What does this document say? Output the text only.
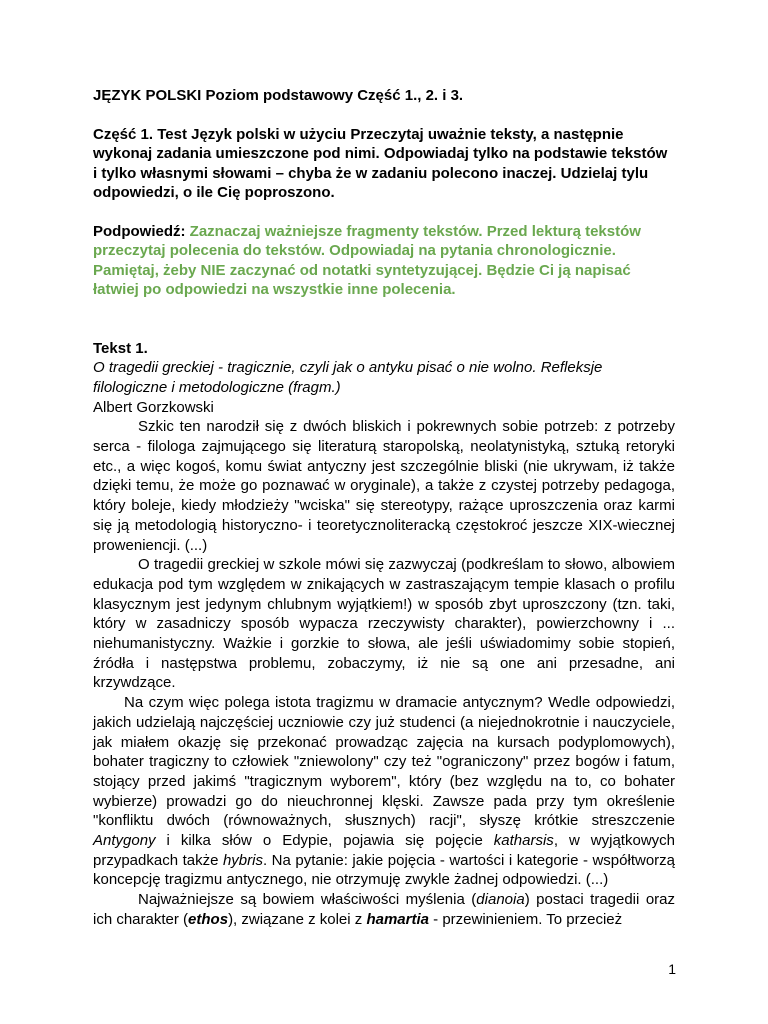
JĘZYK POLSKI Poziom podstawowy Część 1., 2. i 3.

Część 1. Test Język polski w użyciu Przeczytaj uważnie teksty, a następnie wykonaj zadania umieszczone pod nimi. Odpowiadaj tylko na podstawie tekstów i tylko własnymi słowami – chyba że w zadaniu polecono inaczej. Udzielaj tylu odpowiedzi, o ile Cię poproszono.

Podpowiedź: Zaznaczaj ważniejsze fragmenty tekstów. Przed lekturą tekstów przeczytaj polecenia do tekstów. Odpowiadaj na pytania chronologicznie. Pamiętaj, żeby NIE zaczynać od notatki syntetyzującej. Będzie Ci ją napisać łatwiej po odpowiedzi na wszystkie inne polecenia.

Tekst 1.

O tragedii greckiej - tragicznie, czyli jak o antyku pisać o nie wolno. Refleksje filologiczne i metodologiczne (fragm.)

Albert Gorzkowski

Szkic ten narodził się z dwóch bliskich i pokrewnych sobie potrzeb: z potrzeby serca - filologa zajmującego się literaturą staropolską, neolatynistyką, sztuką retoryki etc., a więc kogoś, komu świat antyczny jest szczególnie bliski (nie ukrywam, iż także dzięki temu, że może go poznawać w oryginale), a także z czystej potrzeby pedagoga, który boleje, kiedy młodzieży "wciska" się stereotypy, rażące uproszczenia oraz karmi się ją metodologią historyczno- i teoretycznoliteracką częstokroć jeszcze XIX-wiecznej proweniencji. (...)

O tragedii greckiej w szkole mówi się zazwyczaj (podkreślam to słowo, albowiem edukacja pod tym względem w znikających w zastraszającym tempie klasach o profilu klasycznym jest jedynym chlubnym wyjątkiem!) w sposób zbyt uproszczony (tzn. taki, który w zasadniczy sposób wypacza rzeczywisty charakter), powierzchowny i ... niehumanistyczny. Ważkie i gorzkie to słowa, ale jeśli uświadomimy sobie stopień, źródła i następstwa problemu, zobaczymy, iż nie są one ani przesadne, ani krzywdzące.

Na czym więc polega istota tragizmu w dramacie antycznym? Wedle odpowiedzi, jakich udzielają najczęściej uczniowie czy już studenci (a niejednokrotnie i nauczyciele, jak miałem okazję się przekonać prowadząc zajęcia na kursach podyplomowych), bohater tragiczny to człowiek "zniewolony" czy też "ograniczony" przez bogów i fatum, stojący przed jakimś "tragicznym wyborem", który (bez względu na to, co bohater wybierze) prowadzi go do nieuchronnej klęski. Zawsze pada przy tym określenie "konfliktu dwóch (równoważnych, słusznych) racji", słyszę krótkie streszczenie Antygony i kilka słów o Edypie, pojawia się pojęcie katharsis, w wyjątkowych przypadkach także hybris. Na pytanie: jakie pojęcia - wartości i kategorie - współtworzą koncepcję tragizmu antycznego, nie otrzymuję zwykle żadnej odpowiedzi. (...)

Najważniejsze są bowiem właściwości myślenia (dianoia) postaci tragedii oraz ich charakter (ethos), związane z kolei z hamartia - przewinieniem. To przecież

1
